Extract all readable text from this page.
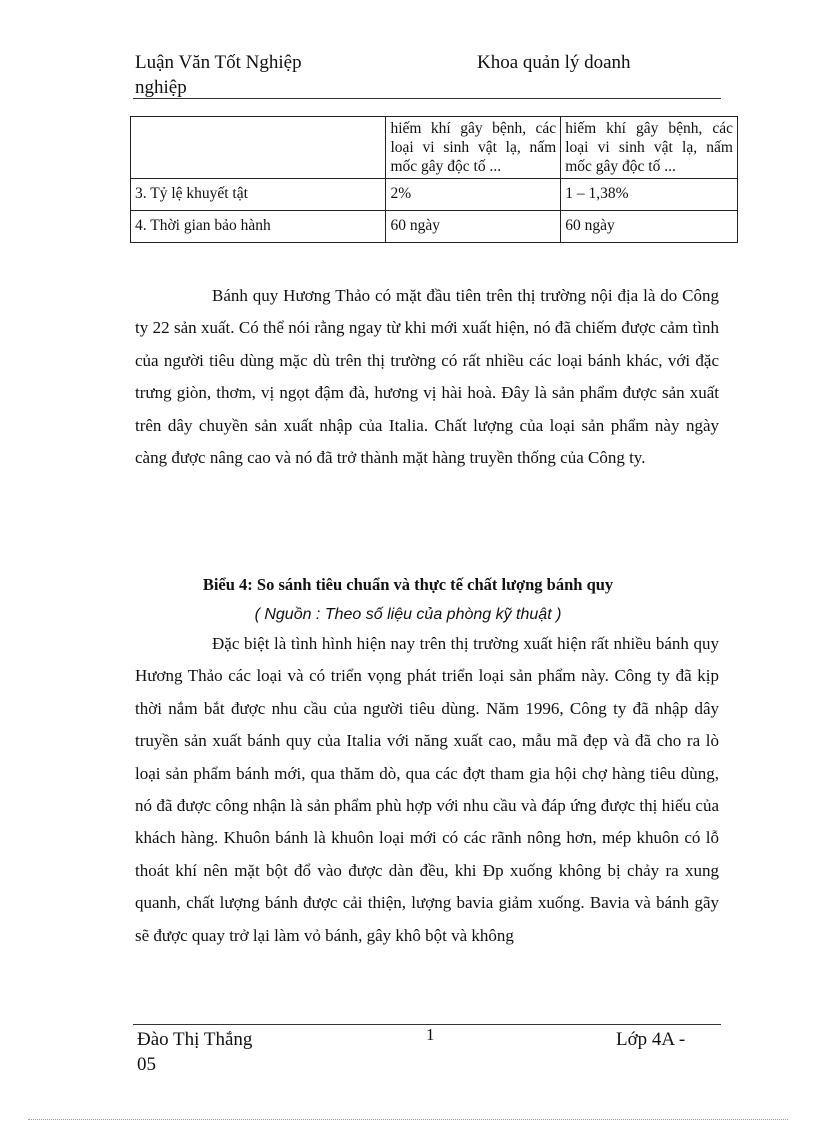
Luận Văn Tốt Nghiệp
nghiệp
Khoa quản lý doanh
	hiếm khí gây bệnh, các loại vi sinh vật lạ, nấm mốc gây độc tố ...	hiếm khí gây bệnh, các loại vi sinh vật lạ, nấm mốc gây độc tố ...
3. Tỷ lệ khuyết tật	2%	1 – 1,38%
4. Thời gian bảo hành	60 ngày	60 ngày

Bánh quy Hương Thảo có mặt đầu tiên trên thị trường nội địa là do Công ty 22 sản xuất. Có thể nói rằng ngay từ khi mới xuất hiện, nó đã chiếm được cảm tình của người tiêu dùng mặc dù trên thị trường có rất nhiều các loại bánh khác, với đặc trưng giòn, thơm, vị ngọt đậm đà, hương vị hài hoà. Đây là sản phẩm được sản xuất trên dây chuyền sản xuất nhập của Italia. Chất lượng của loại sản phẩm này ngày càng được nâng cao và nó đã trở thành mặt hàng truyền thống của Công ty.

Biểu 4: So sánh tiêu chuẩn và thực tế chất lượng bánh quy
( Nguồn : Theo số liệu của phòng kỹ thuật )

Đặc biệt là tình hình hiện nay trên thị trường xuất hiện rất nhiều bánh quy Hương Thảo các loại và có triển vọng phát triển loại sản phẩm này. Công ty đã kịp thời nắm bắt được nhu cầu của người tiêu dùng. Năm 1996, Công ty đã nhập dây truyền sản xuất bánh quy của Italia với năng xuất cao, mẫu mã đẹp và đã cho ra lò loại sản phẩm bánh mới, qua thăm dò, qua các đợt tham gia hội chợ hàng tiêu dùng, nó đã được công nhận là sản phẩm phù hợp với nhu cầu và đáp ứng được thị hiếu của khách hàng. Khuôn bánh là khuôn loại mới có các rãnh nông hơn, mép khuôn có lỗ thoát khí nên mặt bột đổ vào được dàn đều, khi Đp xuống không bị chảy ra xung quanh, chất lượng bánh được cải thiện, lượng bavia giảm xuống. Bavia và bánh gãy sẽ được quay trở lại làm vỏ bánh, gây khô bột và không

Đào Thị Thắng
05
1	Lớp 4A -
